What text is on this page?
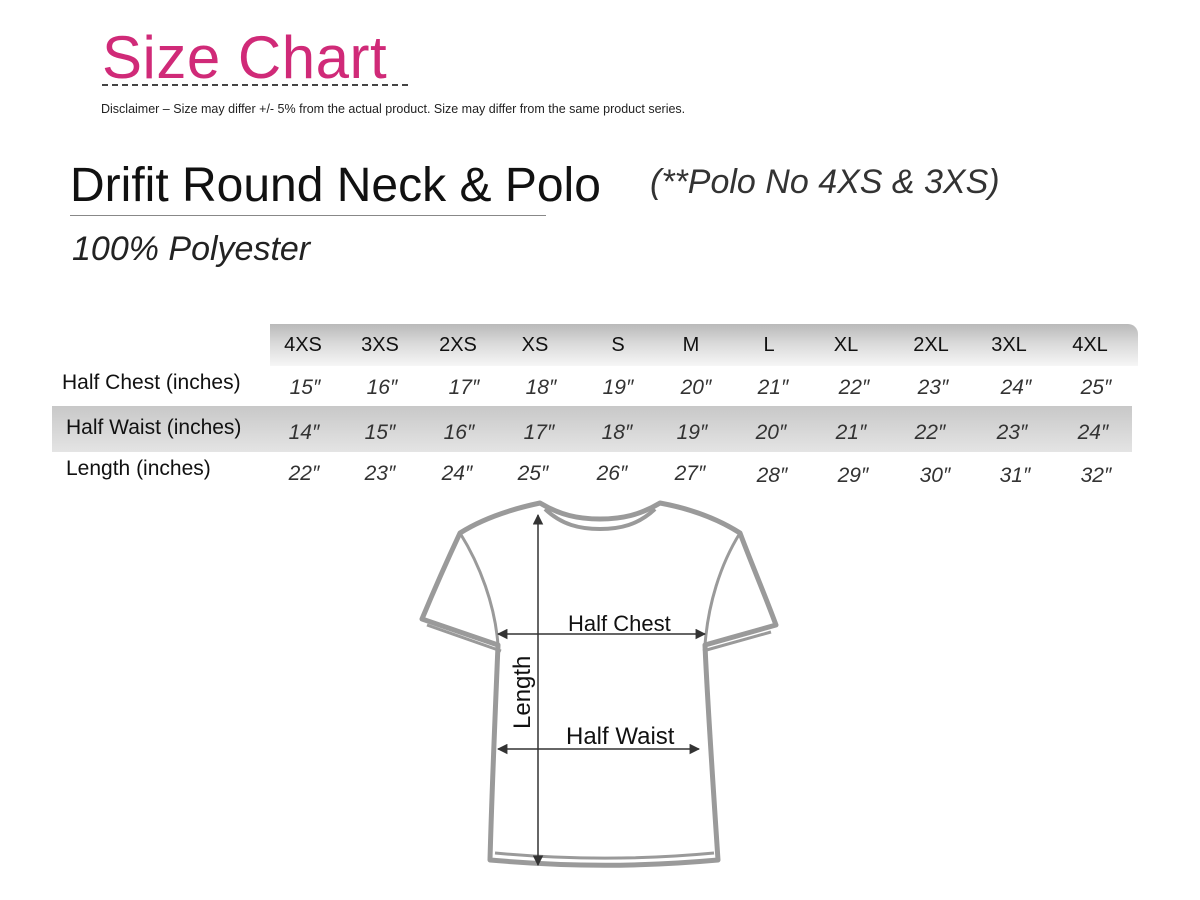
Size Chart
Disclaimer – Size may differ +/- 5% from the actual product. Size may differ from the same product series.
Drifit Round Neck & Polo (**Polo No 4XS & 3XS)
100% Polyester
4XS	3XS	2XS	XS	S	M	L	XL	2XL	3XL	4XL
Half Chest (inches)	15″	16″	17″	18″	19″	20″	21″	22″	23″	24″	25″
Half Waist (inches)	14″	15″	16″	17″	18″	19″	20″	21″	22″	23″	24″
Length (inches)	22″	23″	24″	25″	26″	27″	28″	29″	30″	31″	32″
Half Chest
Half Waist
Length
